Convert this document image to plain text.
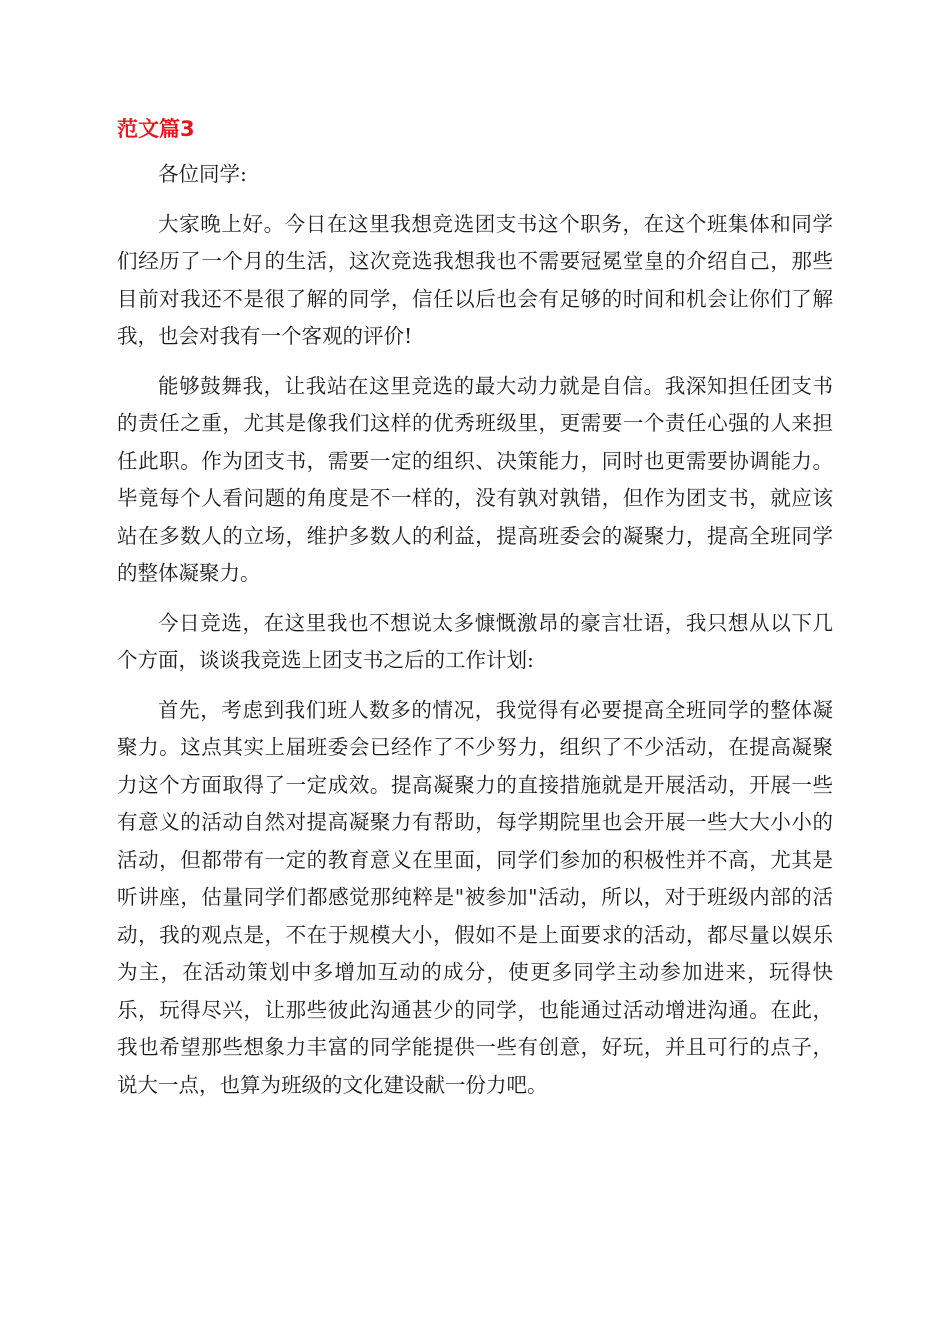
范文篇3

各位同学:

大家晚上好。今日在这里我想竞选团支书这个职务，在这个班集体和同学们经历了一个月的生活，这次竞选我想我也不需要冠冕堂皇的介绍自己，那些目前对我还不是很了解的同学，信任以后也会有足够的时间和机会让你们了解我，也会对我有一个客观的评价!

能够鼓舞我，让我站在这里竞选的最大动力就是自信。我深知担任团支书的责任之重，尤其是像我们这样的优秀班级里，更需要一个责任心强的人来担任此职。作为团支书，需要一定的组织、决策能力，同时也更需要协调能力。毕竟每个人看问题的角度是不一样的，没有孰对孰错，但作为团支书，就应该站在多数人的立场，维护多数人的利益，提高班委会的凝聚力，提高全班同学的整体凝聚力。

今日竞选，在这里我也不想说太多慷慨激昂的豪言壮语，我只想从以下几个方面，谈谈我竞选上团支书之后的工作计划:

首先，考虑到我们班人数多的情况，我觉得有必要提高全班同学的整体凝聚力。这点其实上届班委会已经作了不少努力，组织了不少活动，在提高凝聚力这个方面取得了一定成效。提高凝聚力的直接措施就是开展活动，开展一些有意义的活动自然对提高凝聚力有帮助，每学期院里也会开展一些大大小小的活动，但都带有一定的教育意义在里面，同学们参加的积极性并不高，尤其是听讲座，估量同学们都感觉那纯粹是"被参加"活动，所以，对于班级内部的活动，我的观点是，不在于规模大小，假如不是上面要求的活动，都尽量以娱乐为主，在活动策划中多增加互动的成分，使更多同学主动参加进来，玩得快乐，玩得尽兴，让那些彼此沟通甚少的同学，也能通过活动增进沟通。在此，我也希望那些想象力丰富的同学能提供一些有创意，好玩，并且可行的点子，说大一点，也算为班级的文化建设献一份力吧。
